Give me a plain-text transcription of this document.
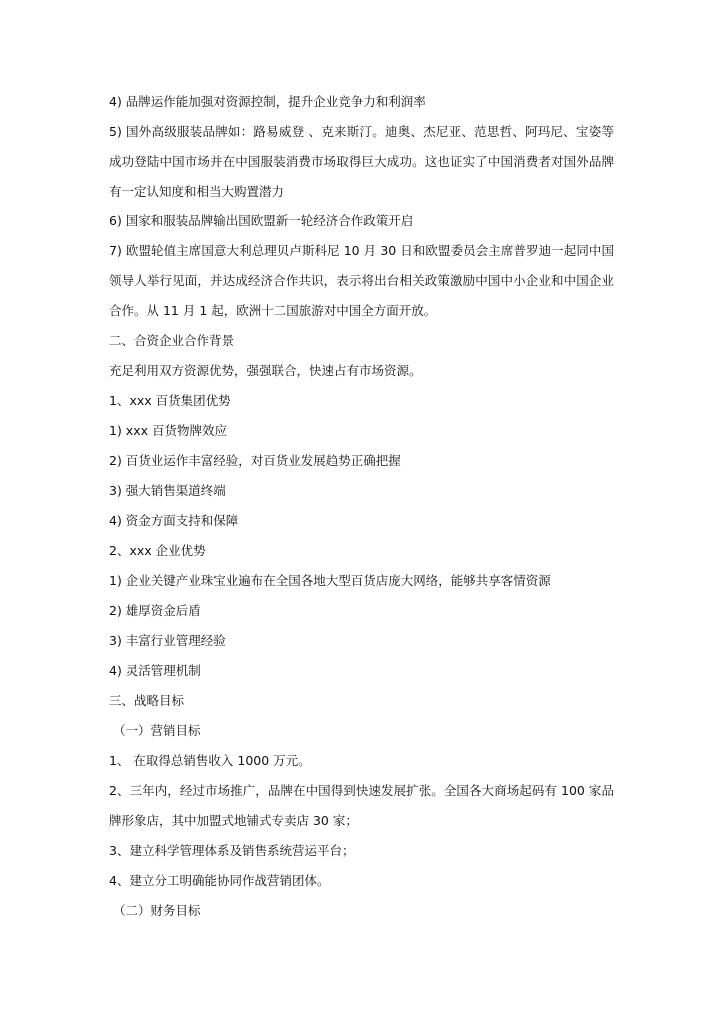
4) 品牌运作能加强对资源控制，提升企业竞争力和利润率
5) 国外高级服装品牌如：路易威登 、克来斯汀。迪奥、杰尼亚、范思哲、阿玛尼、宝姿等
成功登陆中国市场并在中国服装消费市场取得巨大成功。这也证实了中国消费者对国外品牌
有一定认知度和相当大购置潜力
6) 国家和服装品牌输出国欧盟新一轮经济合作政策开启
7) 欧盟轮值主席国意大利总理贝卢斯科尼 10 月 30 日和欧盟委员会主席普罗迪一起同中国
领导人举行见面，并达成经济合作共识，表示将出台相关政策激励中国中小企业和中国企业
合作。从 11 月 1 起，欧洲十二国旅游对中国全方面开放。
二、合资企业合作背景
充足利用双方资源优势，强强联合，快速占有市场资源。
1、xxx 百货集团优势
1) xxx 百货物牌效应
2) 百货业运作丰富经验，对百货业发展趋势正确把握
3) 强大销售渠道终端
4) 资金方面支持和保障
2、xxx 企业优势
1) 企业关键产业珠宝业遍布在全国各地大型百货店庞大网络，能够共享客情资源
2) 雄厚资金后盾
3) 丰富行业管理经验
4) 灵活管理机制
三、战略目标
（一）营销目标
1、 在取得总销售收入 1000 万元。
2、三年内，经过市场推广，品牌在中国得到快速发展扩张。全国各大商场起码有 100 家品
牌形象店，其中加盟式地铺式专卖店 30 家；
3、建立科学管理体系及销售系统营运平台；
4、建立分工明确能协同作战营销团体。
（二）财务目标
